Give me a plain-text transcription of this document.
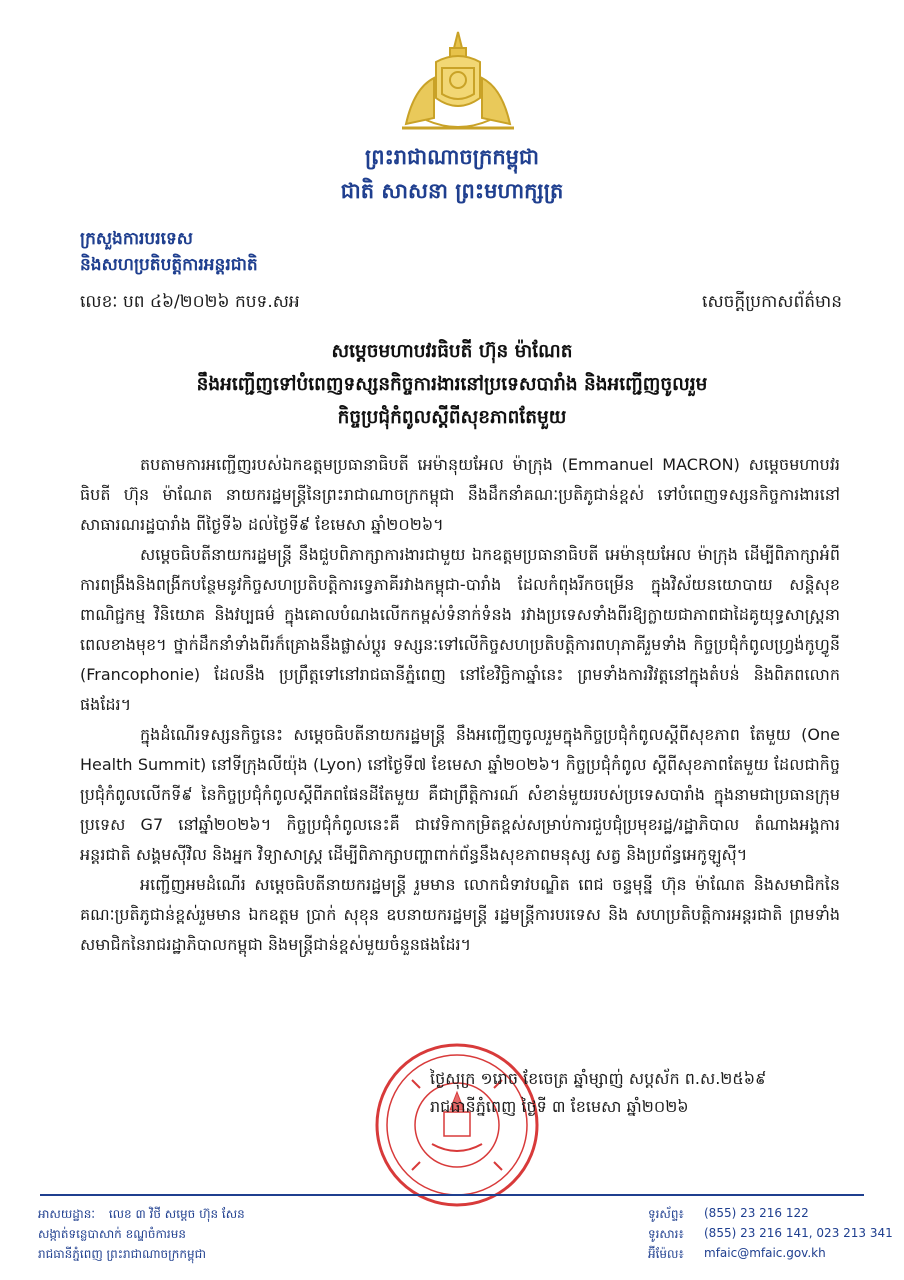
ព្រះរាជាណាចក្រកម្ពុជា
ជាតិ សាសនា ព្រះមហាក្សត្រ
ក្រសួងការបរទេស
និងសហប្រតិបត្តិការអន្តរជាតិ
លេខៈ បព ៤៦/២០២៦ កបទ.សអ	សេចក្តីប្រកាសព័ត៌មាន
សម្តេចមហាបវរធិបតី ហ៊ុន ម៉ាណែត
នឹងអញ្ជើញទៅបំពេញទស្សនកិច្ចការងារនៅប្រទេសបារាំង និងអញ្ជើញចូលរួម
កិច្ចប្រជុំកំពូលស្តីពីសុខភាពតែមួយ

តបតាមការអញ្ជើញរបស់ឯកឧត្តមប្រធានាធិបតី អេម៉ានុយអែល ម៉ាក្រុង (Emmanuel MACRON) សម្តេចមហាបវរធិបតី ហ៊ុន ម៉ាណែត នាយករដ្ឋមន្ត្រីនៃព្រះរាជាណាចក្រកម្ពុជា នឹងដឹកនាំគណៈប្រតិភូជាន់ខ្ពស់ ទៅបំពេញទស្សនកិច្ចការងារនៅសាធារណរដ្ឋបារាំង ពីថ្ងៃទី៦ ដល់ថ្ងៃទី៩ ខែមេសា ឆ្នាំ២០២៦។

សម្តេចធិបតីនាយករដ្ឋមន្ត្រី នឹងជួបពិភាក្សាការងារជាមួយ ឯកឧត្តមប្រធានាធិបតី អេម៉ានុយអែល ម៉ាក្រុង ដើម្បីពិភាក្សាអំពីការពង្រឹងនិងពង្រីកបន្ថែមនូវកិច្ចសហប្រតិបត្តិការទ្វេភាគីរវាងកម្ពុជា-បារាំង ដែលកំពុងរីកចម្រើន ក្នុងវិស័យនយោបាយ សន្តិសុខ ពាណិជ្ជកម្ម វិនិយោគ និងវប្បធម៌ ក្នុងគោលបំណងលើកកម្ពស់ទំនាក់ទំនង រវាងប្រទេសទាំងពីរឱ្យក្លាយជាភាពជាដៃគូយុទ្ធសាស្ត្រនាពេលខាងមុខ។ ថ្នាក់ដឹកនាំទាំងពីរក៏គ្រោងនឹងផ្លាស់ប្តូរ ទស្សនៈទៅលើកិច្ចសហប្រតិបត្តិការពហុភាគីរួមទាំង កិច្ចប្រជុំកំពូលហ្វ្រង់កូហ្វូនី (Francophonie) ដែលនឹង ប្រព្រឹត្តទៅនៅរាជធានីភ្នំពេញ នៅខែវិច្ឆិកាឆ្នាំនេះ ព្រមទាំងការវិវត្តនៅក្នុងតំបន់ និងពិភពលោកផងដែរ។

ក្នុងដំណើរទស្សនកិច្ចនេះ សម្តេចធិបតីនាយករដ្ឋមន្ត្រី នឹងអញ្ជើញចូលរួមក្នុងកិច្ចប្រជុំកំពូលស្តីពីសុខភាព តែមួយ (One Health Summit) នៅទីក្រុងលីយ៉ុង (Lyon) នៅថ្ងៃទី៧ ខែមេសា ឆ្នាំ២០២៦។ កិច្ចប្រជុំកំពូល ស្តីពីសុខភាពតែមួយ ដែលជាកិច្ចប្រជុំកំពូលលើកទី៩ នៃកិច្ចប្រជុំកំពូលស្តីពីភពផែនដីតែមួយ គឺជាព្រឹត្តិការណ៍ សំខាន់មួយរបស់ប្រទេសបារាំង ក្នុងនាមជាប្រធានក្រុមប្រទេស G7 នៅឆ្នាំ២០២៦។ កិច្ចប្រជុំកំពូលនេះគឺ ជាវេទិកាកម្រិតខ្ពស់សម្រាប់ការជួបជុំប្រមុខរដ្ឋ/រដ្ឋាភិបាល តំណាងអង្គការអន្តរជាតិ សង្គមស៊ីវិល និងអ្នក វិទ្យាសាស្ត្រ ដើម្បីពិភាក្សាបញ្ហាពាក់ព័ន្ធនឹងសុខភាពមនុស្ស សត្វ និងប្រព័ន្ធអេកូឡូស៊ី។

អញ្ជើញអមដំណើរ សម្តេចធិបតីនាយករដ្ឋមន្ត្រី រួមមាន លោកជំទាវបណ្ឌិត ពេជ ចន្ទមុន្នី ហ៊ុន ម៉ាណែត និងសមាជិកនៃគណៈប្រតិភូជាន់ខ្ពស់រួមមាន ឯកឧត្តម ប្រាក់ សុខុន ឧបនាយករដ្ឋមន្ត្រី រដ្ឋមន្ត្រីការបរទេស និង សហប្រតិបត្តិការអន្តរជាតិ ព្រមទាំងសមាជិកនៃរាជរដ្ឋាភិបាលកម្ពុជា និងមន្ត្រីជាន់ខ្ពស់មួយចំនួនផងដែរ។

ថ្ងៃសុក្រ ១រោច ខែចេត្រ ឆ្នាំម្សាញ់ សប្តស័ក ព.ស.២៥៦៩
រាជធានីភ្នំពេញ ថ្ងៃទី ៣ ខែមេសា ឆ្នាំ២០២៦
អាសយដ្ឋានៈ លេខ ៣ វិថី សម្តេច ហ៊ុន សែន
សង្កាត់ទន្លេបាសាក់ ខណ្ឌចំការមន
រាជធានីភ្នំពេញ ព្រះរាជាណាចក្រកម្ពុជា
ទូរស័ព្ទ៖ (855) 23 216 122
ទូរសារ៖ (855) 23 216 141, 023 213 341
អ៊ីម៉ែល៖ mfaic@mfaic.gov.kh
